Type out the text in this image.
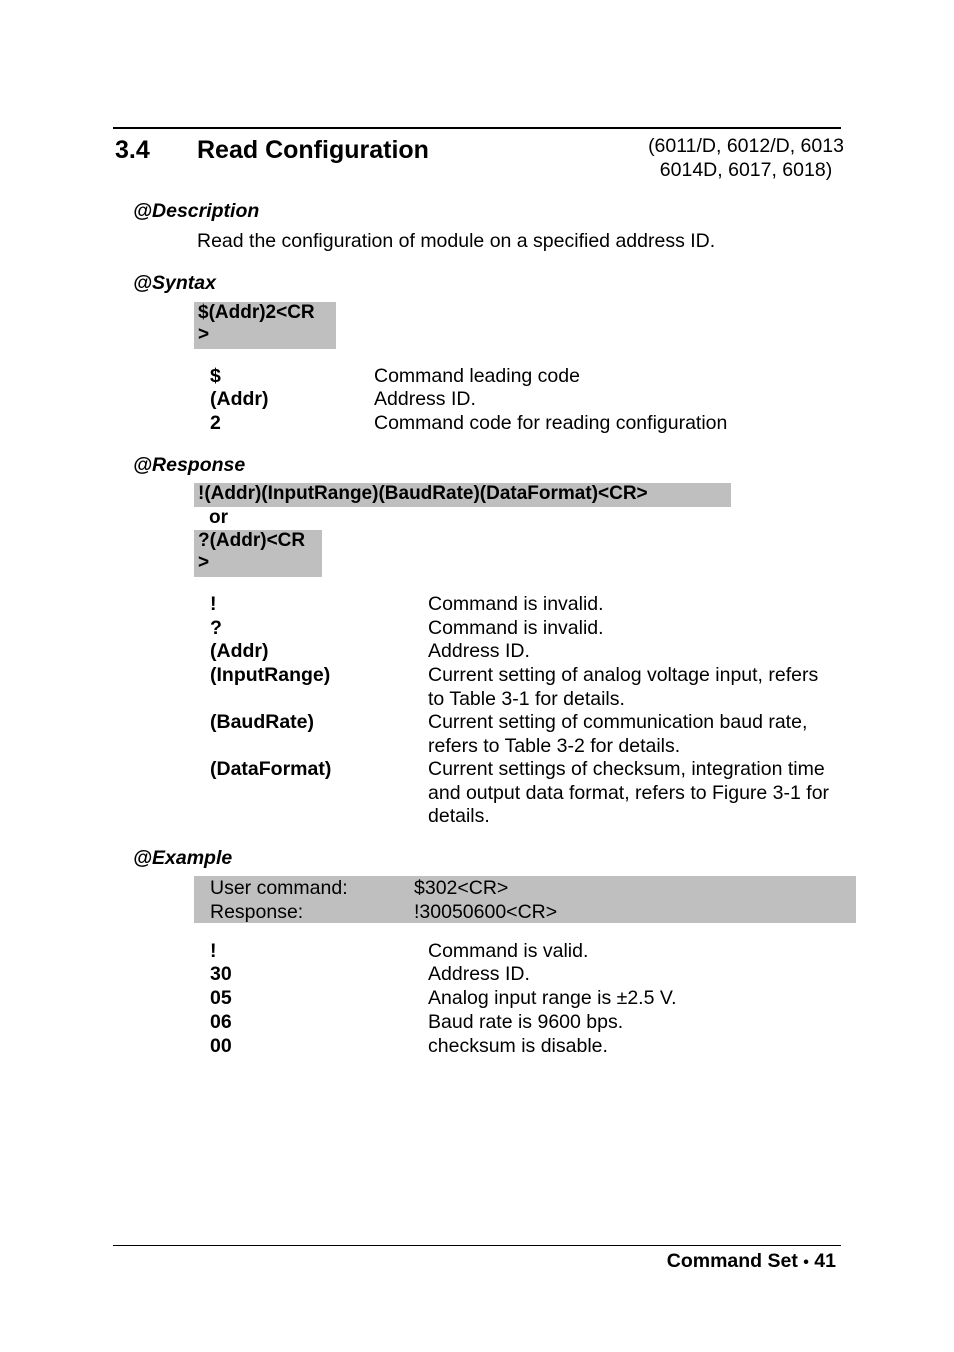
3.4 Read Configuration	(6011/D, 6012/D, 6013
6014D, 6017, 6018)
@Description
Read the configuration of module on a specified address ID.
@Syntax
$(Addr)2<CR
>
$	Command leading code
(Addr)	Address ID.
2	Command code for reading configuration
@Response
!(Addr)(InputRange)(BaudRate)(DataFormat)<CR>
or
?(Addr)<CR
>
!	Command is invalid.
?	Command is invalid.
(Addr)	Address ID.
(InputRange)	Current setting of analog voltage input, refers
to Table 3-1 for details.
(BaudRate)	Current setting of communication baud rate,
refers to Table 3-2 for details.
(DataFormat)	Current settings of checksum, integration time
and output data format, refers to Figure 3-1 for
details.
@Example
User command:	$302<CR>
Response:	!30050600<CR>
!	Command is valid.
30	Address ID.
05	Analog input range is ±2.5 V.
06	Baud rate is 9600 bps.
00	checksum is disable.
Command Set • 41
